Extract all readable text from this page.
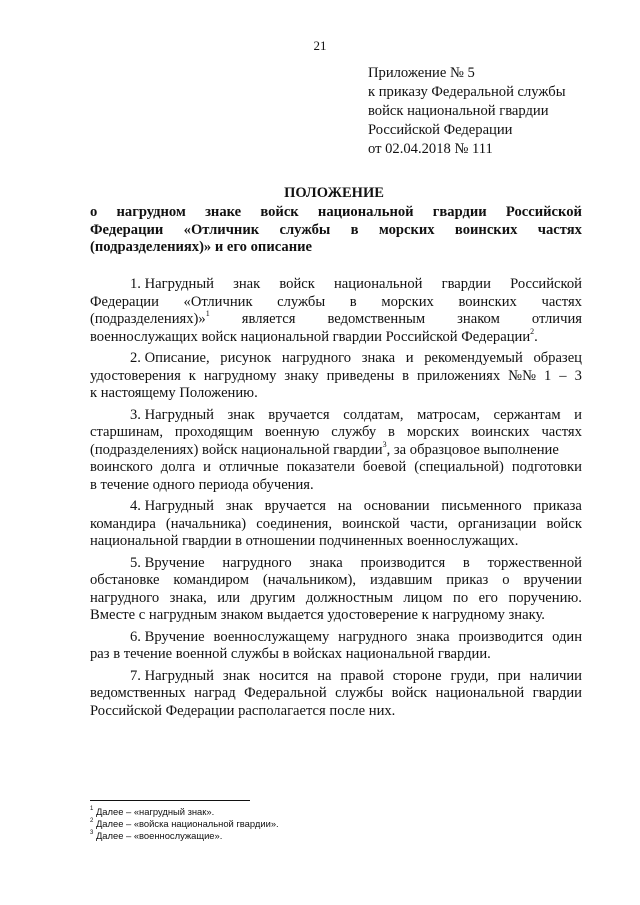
21
Приложение № 5
к приказу Федеральной службы
войск национальной гвардии
Российской Федерации
от 02.04.2018 № 111
ПОЛОЖЕНИЕ
о нагрудном знаке войск национальной гвардии Российской
Федерации «Отличник службы в морских воинских частях
(подразделениях)» и его описание
1. Нагрудный знак войск национальной гвардии Российской
Федерации «Отличник службы в морских воинских частях
(подразделениях)»$^1$ является ведомственным знаком отличия
военнослужащих войск национальной гвардии Российской Федерации$^2$.
2. Описание, рисунок нагрудного знака и рекомендуемый образец
удостоверения к нагрудному знаку приведены в приложениях №№ 1 – 3
к настоящему Положению.
3. Нагрудный знак вручается солдатам, матросам, сержантам и
старшинам, проходящим военную службу в морских воинских частях
(подразделениях) войск национальной гвардии$^3$, за образцовое выполнение
воинского долга и отличные показатели боевой (специальной) подготовки
в течение одного периода обучения.
4. Нагрудный знак вручается на основании письменного приказа
командира (начальника) соединения, воинской части, организации войск
национальной гвардии в отношении подчиненных военнослужащих.
5. Вручение нагрудного знака производится в торжественной
обстановке командиром (начальником), издавшим приказ о вручении
нагрудного знака, или другим должностным лицом по его поручению.
Вместе с нагрудным знаком выдается удостоверение к нагрудному знаку.
6. Вручение военнослужащему нагрудного знака производится один
раз в течение военной службы в войсках национальной гвардии.
7. Нагрудный знак носится на правой стороне груди, при наличии
ведомственных наград Федеральной службы войск национальной гвардии
Российской Федерации располагается после них.
$^1$ Далее – «нагрудный знак».
$^2$ Далее – «войска национальной гвардии».
$^3$ Далее – «военнослужащие».
